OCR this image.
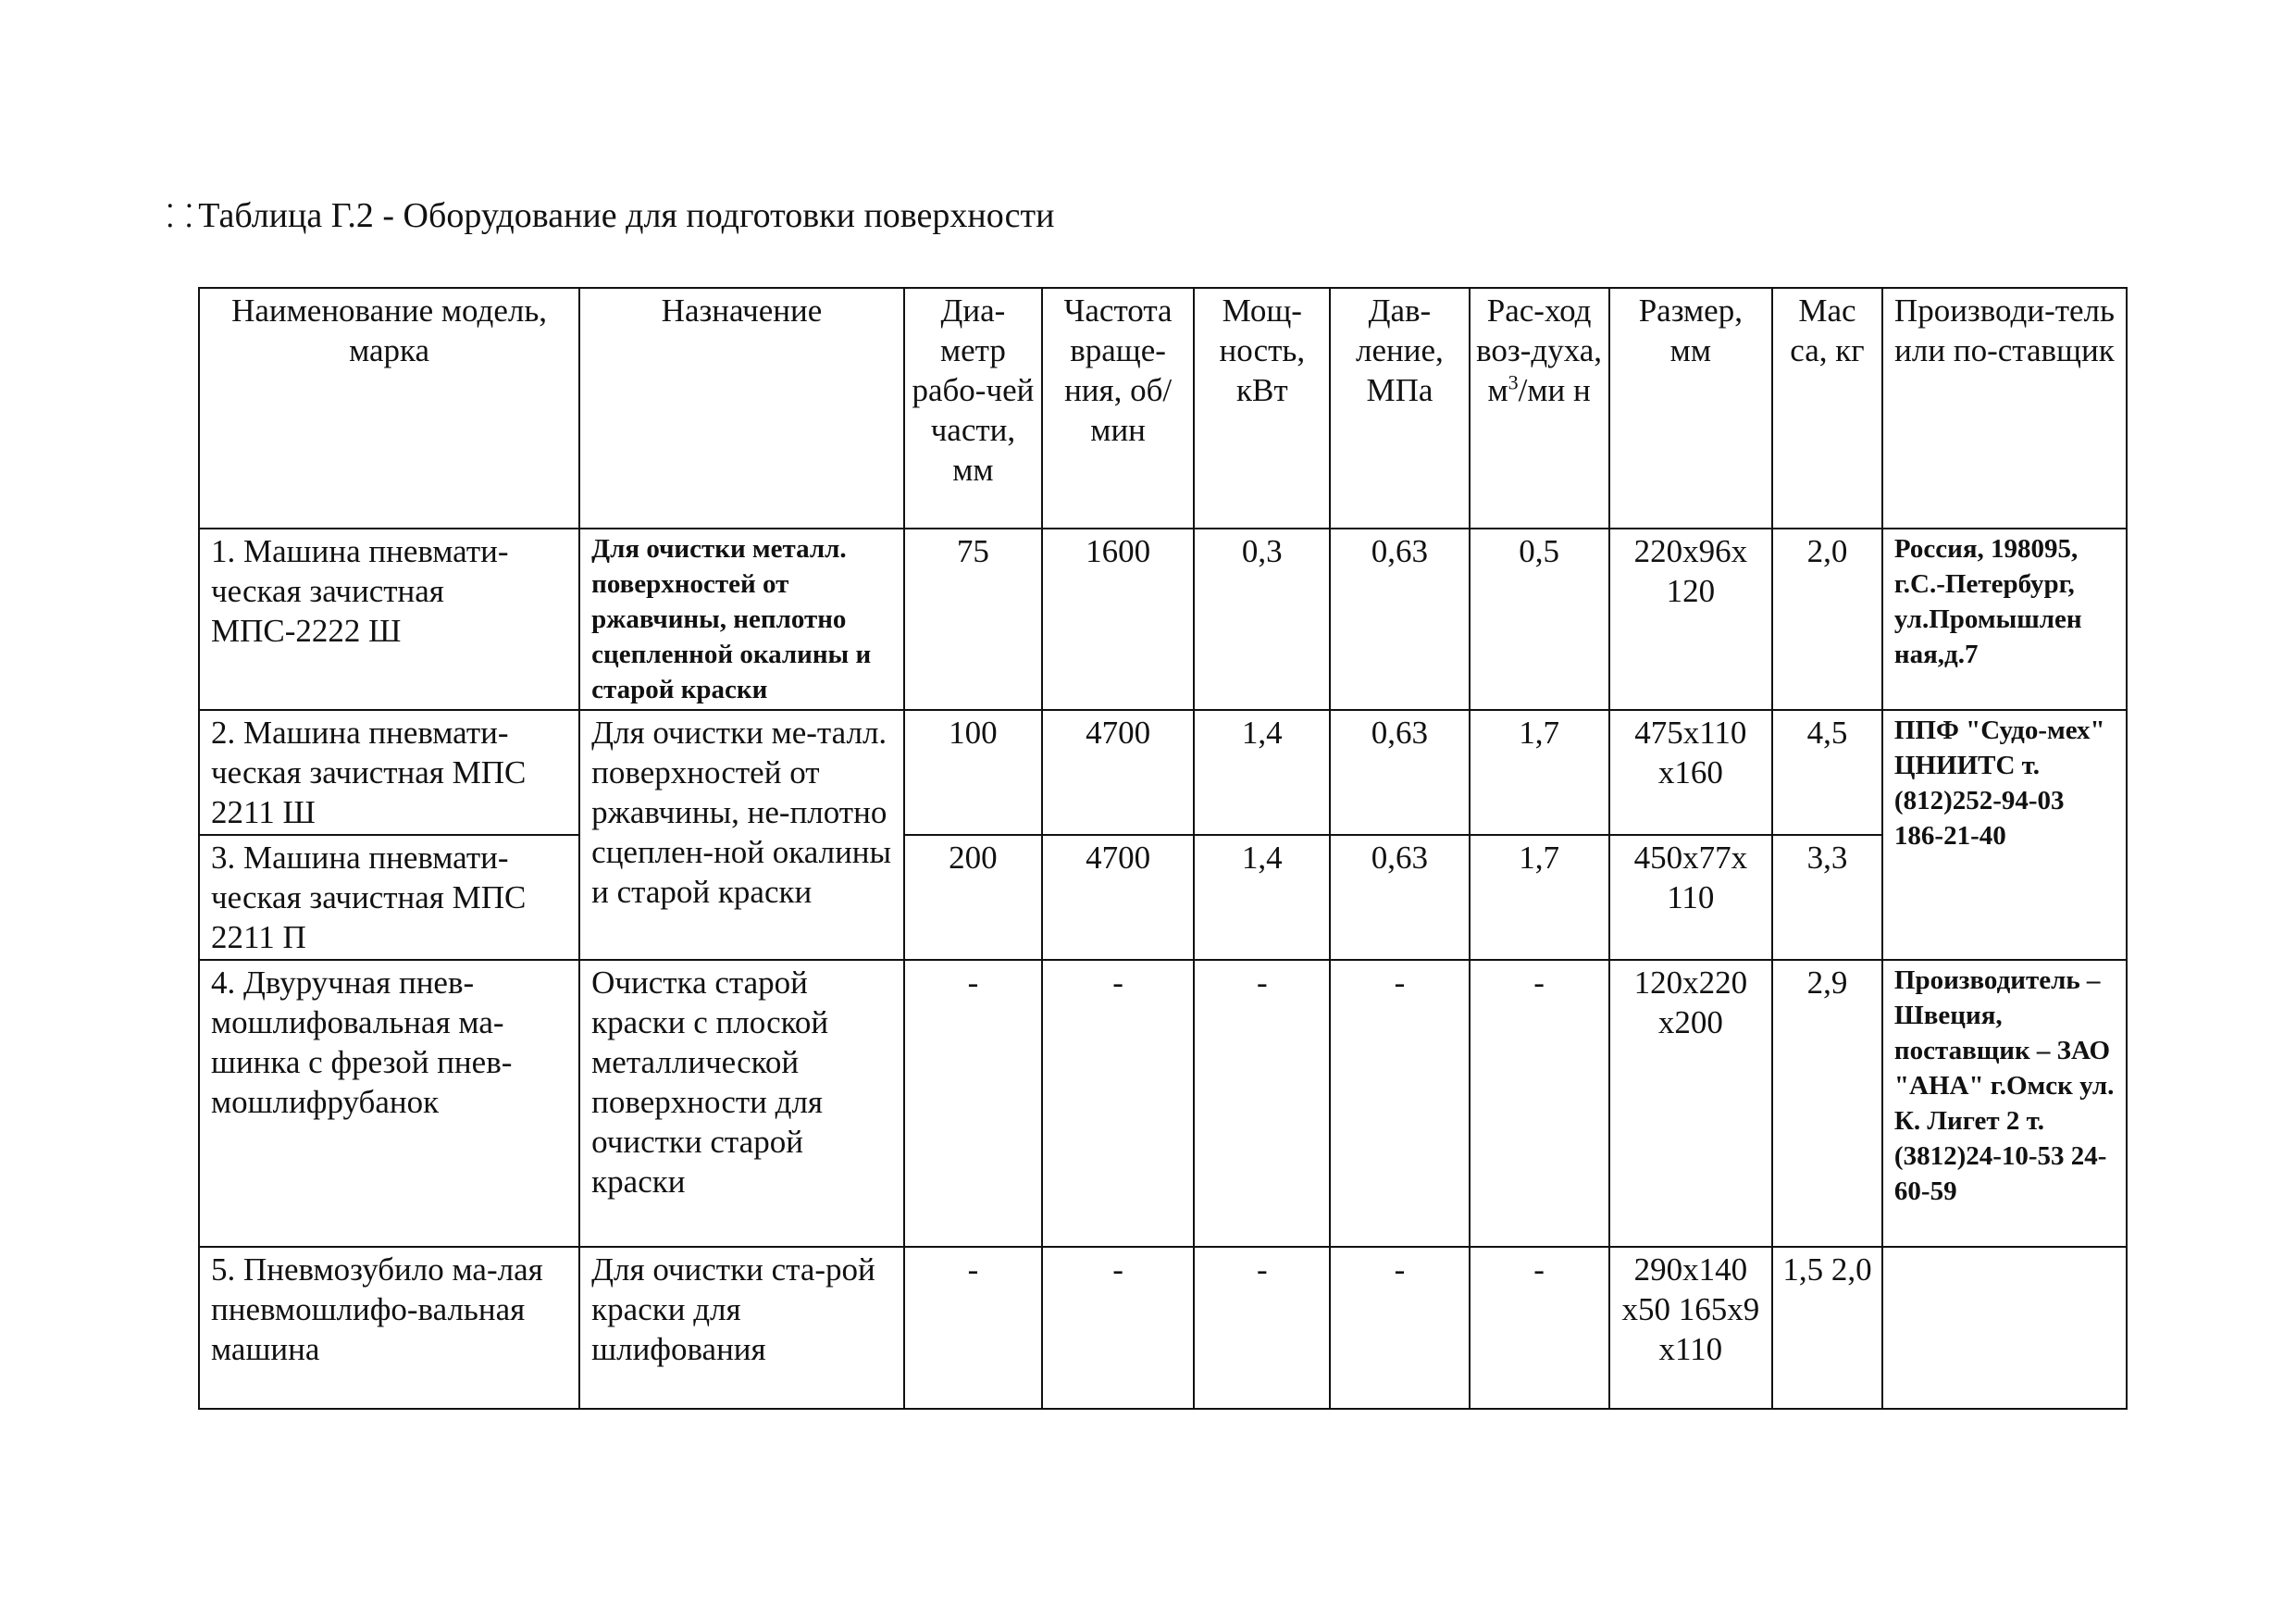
⸬ Таблица Г.2 - Оборудование для подготовки поверхности
Наименование модель, марка	Назначение	Диа-метр рабо-чей части, мм	Частота враще-ния, об/мин	Мощ-ность, кВт	Дав-ление, МПа	Рас-ход воз-духа, $м^3/ми$ н	Размер, мм	Мас са, кг	Производи-тель или по-ставщик
1. Машина пневмати-ческая зачистная МПС-2222 Ш	Для очистки металл. поверхностей от ржавчины, неплотно сцепленной окалины и старой краски	75	1600	0,3	0,63	0,5	220х96х 120	2,0	Россия, 198095, г.С.-Петербург, ул.Промышлен ная,д.7
2. Машина пневмати-ческая зачистная МПС 2211 Ш	Для очистки ме-талл. поверхностей от ржавчины, не-плотно сцеплен-ной окалины и старой краски	100	4700	1,4	0,63	1,7	475х110 х160	4,5	ППФ "Судо-мех" ЦНИИТС т.(812)252-94-03 186-21-40
3. Машина пневмати-ческая зачистная МПС 2211 П		200	4700	1,4	0,63	1,7	450х77х 110	3,3	
4. Двуручная пнев-мошлифовальная ма-шинка с фрезой пнев-мошлифрубанок	Очистка старой краски с плоской металлической поверхности для очистки старой краски	-	-	-	-	-	120х220 х200	2,9	Производитель – Швеция, поставщик – ЗАО "АНА" г.Омск ул. К. Лигет 2 т.(3812)24-10-53 24-60-59
5. Пневмозубило ма-лая пневмошлифо-вальная машина	Для очистки ста-рой краски для шлифования	-	-	-	-	-	290х140 х50 165х9 х110	1,5 2,0	
